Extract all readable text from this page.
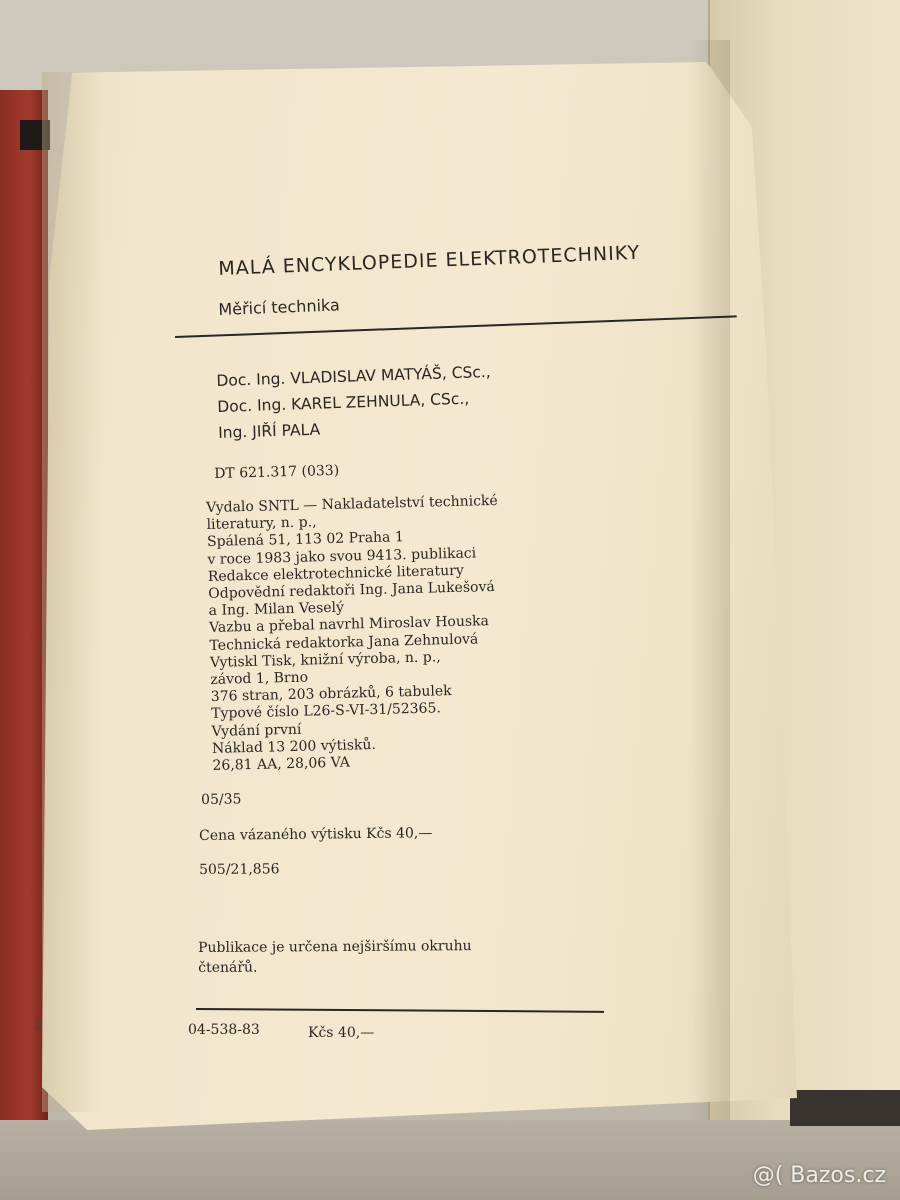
MALÁ ENCYKLOPEDIE ELEKTROTECHNIKY
Měřicí technika
Doc. Ing. VLADISLAV MATYÁŠ, CSc.,
Doc. Ing. KAREL ZEHNULA, CSc.,
Ing. JIŘÍ PALA
DT 621.317 (033)
Vydalo SNTL — Nakladatelství technické
literatury, n. p.,
Spálená 51, 113 02 Praha 1
v roce 1983 jako svou 9413. publikaci
Redakce elektrotechnické literatury
Odpovědní redaktoři Ing. Jana Lukešová
a Ing. Milan Veselý
Vazbu a přebal navrhl Miroslav Houska
Technická redaktorka Jana Zehnulová
Vytiskl Tisk, knižní výroba, n. p.,
závod 1, Brno
376 stran, 203 obrázků, 6 tabulek
Typové číslo L26-S-VI-31/52365.
Vydání první
Náklad 13 200 výtisků.
26,81 AA, 28,06 VA
05/35
Cena vázaného výtisku Kčs 40,—
505/21,856
Publikace je určena nejširšímu okruhu
čtenářů.
04-538-83	Kčs 40,—
3
@( Bazos.cz
